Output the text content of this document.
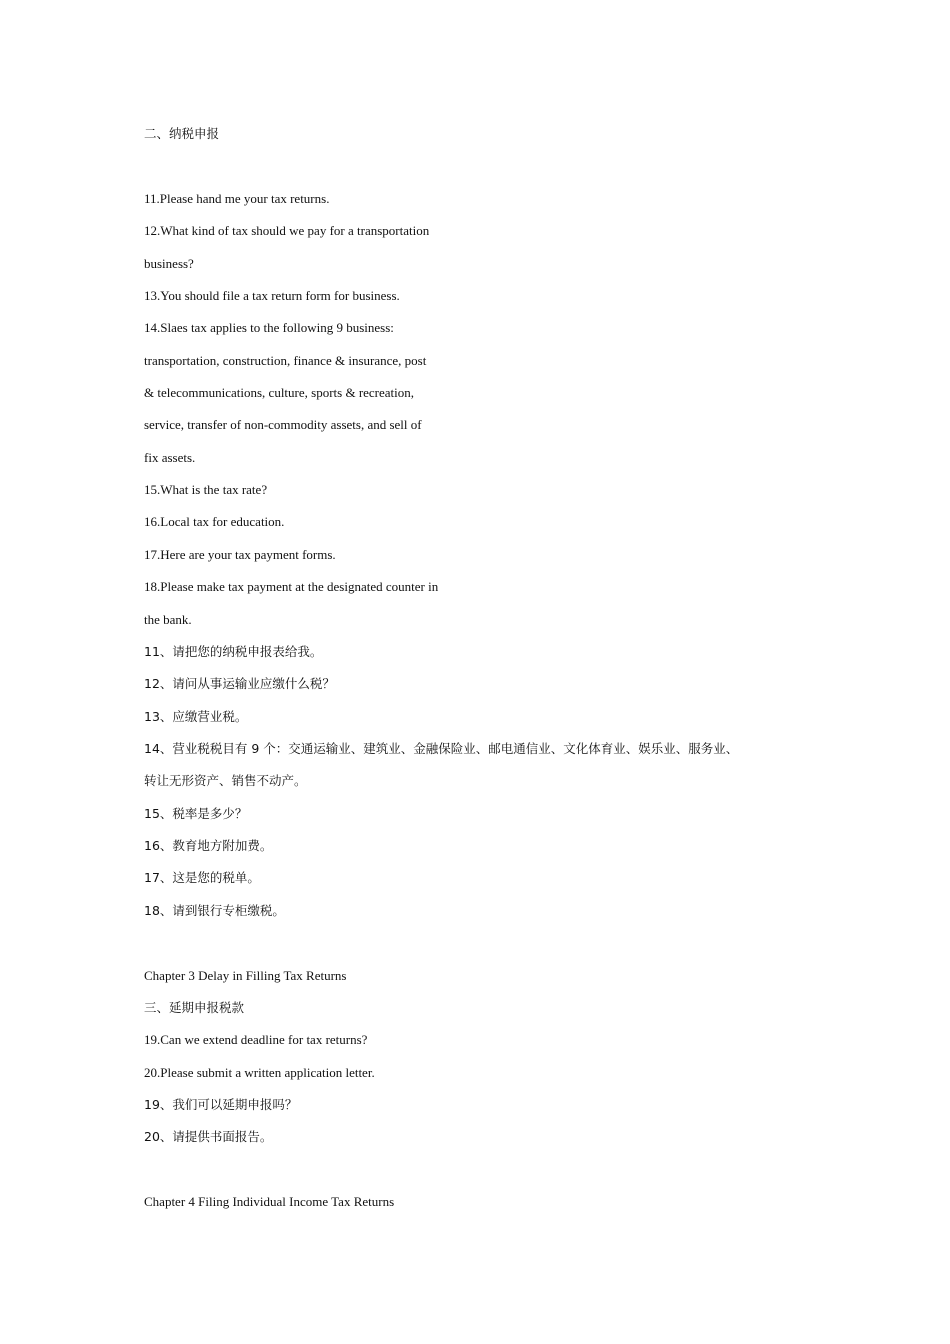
二、纳税申报

11.Please hand me your tax returns.

12.What kind of tax should we pay for a transportation

business?

13.You should file a tax return form for business.

14.Slaes tax applies to the following 9 business:

transportation, construction, finance & insurance, post

& telecommunications, culture, sports & recreation,

service, transfer of non-commodity assets, and sell of

fix assets.

15.What is the tax rate?

16.Local tax for education.

17.Here are your tax payment forms.

18.Please make tax payment at the designated counter in

the bank.

11、请把您的纳税申报表给我。

12、请问从事运输业应缴什么税？

13、应缴营业税。

14、营业税税目有 9 个：交通运输业、建筑业、金融保险业、邮电通信业、文化体育业、娱乐业、服务业、

转让无形资产、销售不动产。

15、税率是多少？

16、教育地方附加费。

17、这是您的税单。

18、请到银行专柜缴税。

Chapter 3 Delay in Filling Tax Returns

三、延期申报税款

19.Can we extend deadline for tax returns?

20.Please submit a written application letter.

19、我们可以延期申报吗？

20、请提供书面报告。

Chapter 4 Filing Individual Income Tax Returns
